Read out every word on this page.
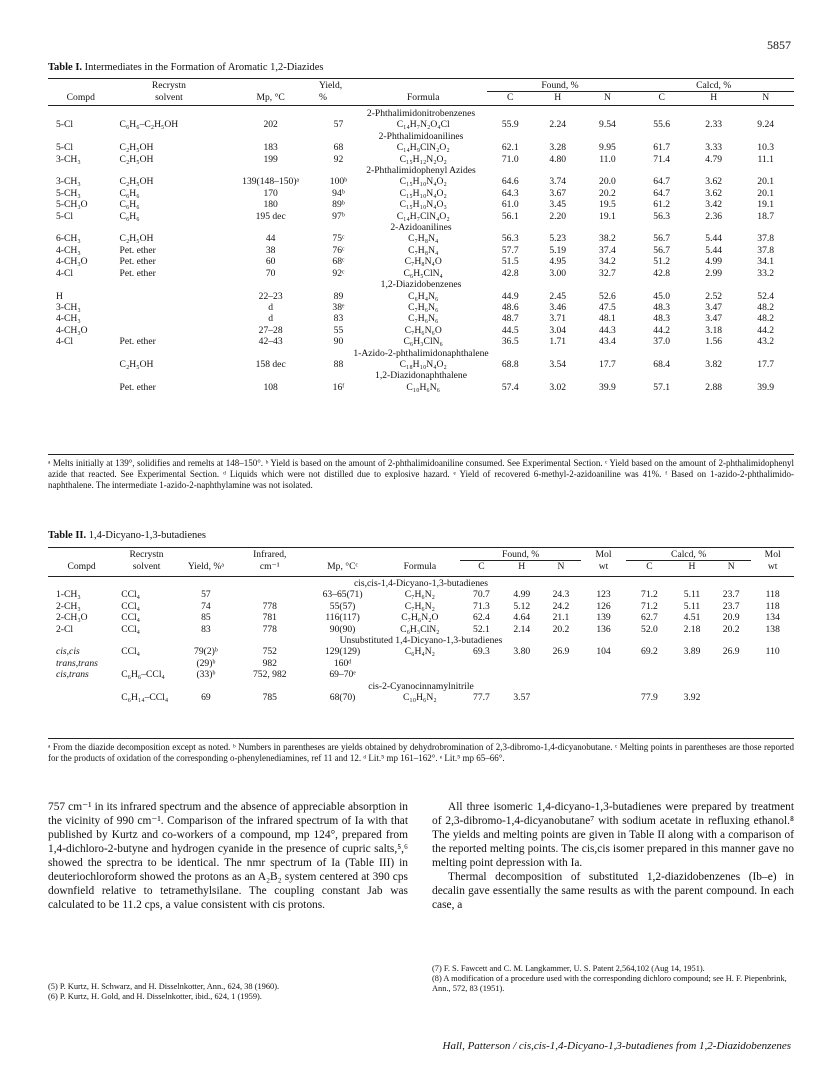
5857
Table I. Intermediates in the Formation of Aromatic 1,2-Diazides
	Recrystn		Yield,		Found, %			Calcd, %		
Compd	solvent	Mp, °C	%	Formula	C	H	N	C	H	N
2-Phthalimidonitrobenzenes										
5-Cl	C₆H₆–C₂H₅OH	202	57	C₁₄H₇N₂O₄Cl	55.9	2.24	9.54	55.6	2.33	9.24
2-Phthalimidoanilines										
5-Cl	C₂H₅OH	183	68	C₁₄H₉ClN₂O₂	62.1	3.28	9.95	61.7	3.33	10.3
3-CH₃	C₂H₅OH	199	92	C₁₅H₁₂N₂O₂	71.0	4.80	11.0	71.4	4.79	11.1
2-Phthalimidophenyl Azides										
3-CH₃	C₂H₅OH	139(148–150)ᵃ	100ᵇ	C₁₅H₁₀N₄O₂	64.6	3.74	20.0	64.7	3.62	20.1
5-CH₃	C₆H₆	170	94ᵇ	C₁₅H₁₀N₄O₂	64.3	3.67	20.2	64.7	3.62	20.1
5-CH₃O	C₆H₆	180	89ᵇ	C₁₅H₁₀N₄O₃	61.0	3.45	19.5	61.2	3.42	19.1
5-Cl	C₆H₆	195 dec	97ᵇ	C₁₄H₇ClN₄O₂	56.1	2.20	19.1	56.3	2.36	18.7
2-Azidoanilines										
6-CH₃	C₂H₅OH	44	75ᶜ	C₇H₈N₄	56.3	5.23	38.2	56.7	5.44	37.8
4-CH₃	Pet. ether	38	76ᶜ	C₇H₈N₄	57.7	5.19	37.4	56.7	5.44	37.8
4-CH₃O	Pet. ether	60	68ᶜ	C₇H₈N₄O	51.5	4.95	34.2	51.2	4.99	34.1
4-Cl	Pet. ether	70	92ᶜ	C₆H₅ClN₄	42.8	3.00	32.7	42.8	2.99	33.2
1,2-Diazidobenzenes										
H		22–23	89	C₆H₄N₆	44.9	2.45	52.6	45.0	2.52	52.4
3-CH₃		d	38ᵉ	C₇H₆N₆	48.6	3.46	47.5	48.3	3.47	48.2
4-CH₃		d	83	C₇H₆N₆	48.7	3.71	48.1	48.3	3.47	48.2
4-CH₃O		27–28	55	C₇H₆N₆O	44.5	3.04	44.3	44.2	3.18	44.2
4-Cl	Pet. ether	42–43	90	C₆H₃ClN₆	36.5	1.71	43.4	37.0	1.56	43.2
1-Azido-2-phthalimidonaphthalene										
	C₂H₅OH	158 dec	88	C₁₈H₁₀N₄O₂	68.8	3.54	17.7	68.4	3.82	17.7
1,2-Diazidonaphthalene										
	Pet. ether	108	16ᶠ	C₁₀H₆N₆	57.4	3.02	39.9	57.1	2.88	39.9
ᵃ Melts initially at 139°, solidifies and remelts at 148–150°. ᵇ Yield is based on the amount of 2-phthalimidoaniline consumed. See Experimental Section. ᶜ Yield based on the amount of 2-phthalimidophenyl azide that reacted. See Experimental Section. ᵈ Liquids which were not distilled due to explosive hazard. ᵉ Yield of recovered 6-methyl-2-azidoaniline was 41%. ᶠ Based on 1-azido-2-phthalimido-naphthalene. The intermediate 1-azido-2-naphthylamine was not isolated.
Table II. 1,4-Dicyano-1,3-butadienes
	Recrystn		Infrared,			Found, %			Mol	Calcd, %			Mol
Compd	solvent	Yield, %ᵃ	cm⁻¹	Mp, °Cᶜ	Formula	C	H	N	wt	C	H	N	wt
cis,cis-1,4-Dicyano-1,3-butadienes													
1-CH₃	CCl₄	57		63–65(71)	C₇H₆N₂	70.7	4.99	24.3	123	71.2	5.11	23.7	118
2-CH₃	CCl₄	74	778	55(57)	C₇H₆N₂	71.3	5.12	24.2	126	71.2	5.11	23.7	118
2-CH₃O	CCl₄	85	781	116(117)	C₇H₆N₂O	62.4	4.64	21.1	139	62.7	4.51	20.9	134
2-Cl	CCl₄	83	778	90(90)	C₆H₃ClN₂	52.1	2.14	20.2	136	52.0	2.18	20.2	138
Unsubstituted 1,4-Dicyano-1,3-butadienes													
cis,cis	CCl₄	79(2)ᵇ	752	129(129)	C₆H₄N₂	69.3	3.80	26.9	104	69.2	3.89	26.9	110
trans,trans		(29)ᵇ	982	160ᵈ									
cis,trans	C₆H₆–CCl₄	(33)ᵇ	752, 982	69–70ᵉ									
cis-2-Cyanocinnamylnitrile													
	C₆H₁₄–CCl₄	69	785	68(70)	C₁₀H₆N₂	77.7	3.57			77.9	3.92		
ᵃ From the diazide decomposition except as noted. ᵇ Numbers in parentheses are yields obtained by dehydrobromination of 2,3-dibromo-1,4-dicyanobutane. ᶜ Melting points in parentheses are those reported for the products of oxidation of the corresponding o-phenylenediamines, ref 11 and 12. ᵈ Lit.⁵ mp 161–162°. ᵉ Lit.⁵ mp 65–66°.
757 cm⁻¹ in its infrared spectrum and the absence of appreciable absorption in the vicinity of 990 cm⁻¹. Comparison of the infrared spectrum of Ia with that published by Kurtz and co-workers of a compound, mp 124°, prepared from 1,4-dichloro-2-butyne and hydrogen cyanide in the presence of cupric salts,⁵,⁶ showed the sprectra to be identical. The nmr spectrum of Ia (Table III) in deuteriochloroform showed the protons as an A₂B₂ system centered at 390 cps downfield relative to tetramethylsilane. The coupling constant Jab was calculated to be 11.2 cps, a value consistent with cis protons.
(5) P. Kurtz, H. Schwarz, and H. Disselnkotter, Ann., 624, 38 (1960).
(6) P. Kurtz, H. Gold, and H. Disselnkotter, ibid., 624, 1 (1959).
All three isomeric 1,4-dicyano-1,3-butadienes were prepared by treatment of 2,3-dibromo-1,4-dicyanobutane⁷ with sodium acetate in refluxing ethanol.⁸ The yields and melting points are given in Table II along with a comparison of the reported melting points. The cis,cis isomer prepared in this manner gave no melting point depression with Ia.
Thermal decomposition of substituted 1,2-diazidobenzenes (Ib–e) in decalin gave essentially the same results as with the parent compound. In each case, a
(7) F. S. Fawcett and C. M. Langkammer, U. S. Patent 2,564,102 (Aug 14, 1951).
(8) A modification of a procedure used with the corresponding dichloro compound; see H. F. Piepenbrink, Ann., 572, 83 (1951).
Hall, Patterson / cis,cis-1,4-Dicyano-1,3-butadienes from 1,2-Diazidobenzenes
